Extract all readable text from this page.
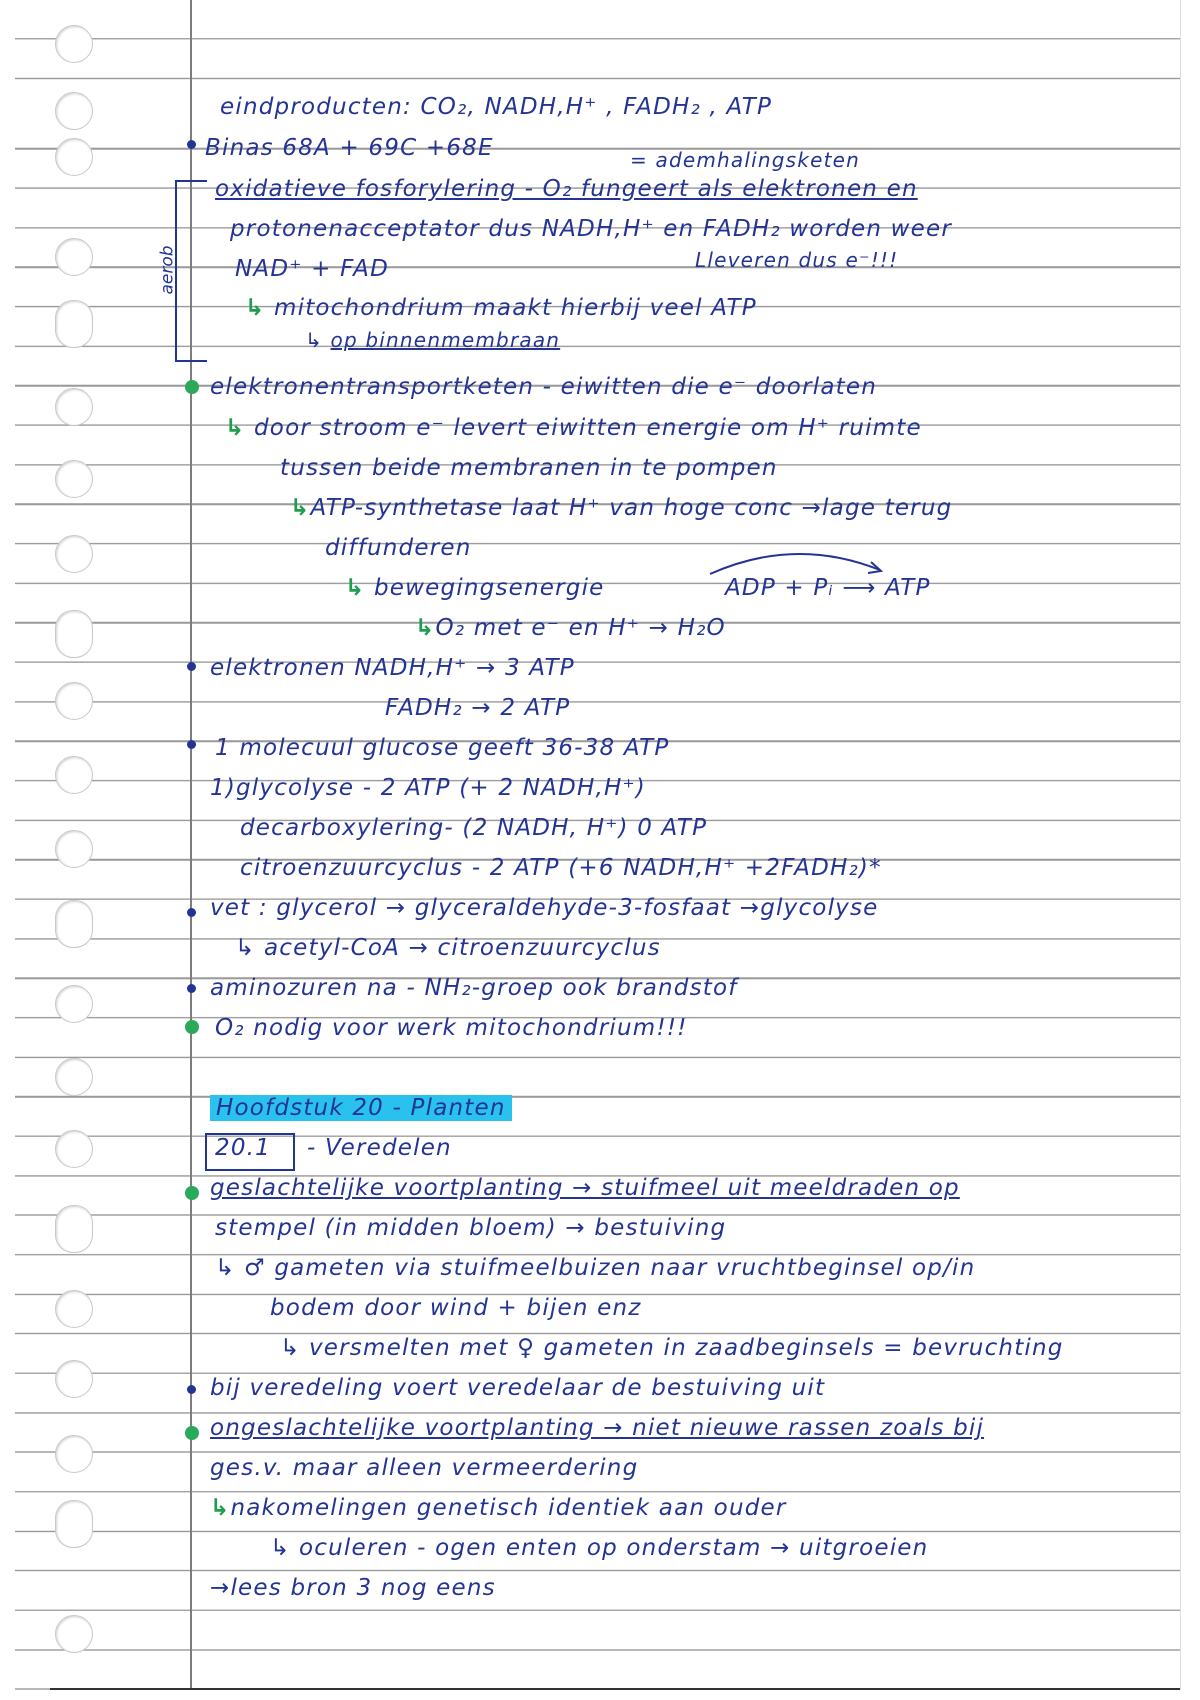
aerob
eindproducten: CO₂, NADH,H⁺ , FADH₂ , ATP
Binas 68A + 69C +68E	= ademhalingsketen
oxidatieve fosforylering - O₂ fungeert als elektronen en
protonenacceptator dus NADH,H⁺ en FADH₂ worden weer
NAD⁺ + FAD	Lleveren dus e⁻!!!
↳ mitochondrium maakt hierbij veel ATP
↳ op binnenmembraan
elektronentransportketen - eiwitten die e⁻ doorlaten
↳ door stroom e⁻ levert eiwitten energie om H⁺ ruimte
tussen beide membranen in te pompen
↳ATP-synthetase laat H⁺ van hoge conc →lage terug
diffunderen
↳ bewegingsenergie	ADP + Pᵢ ⟶ ATP
↳O₂ met e⁻ en H⁺ → H₂O
elektronen NADH,H⁺ → 3 ATP
FADH₂ → 2 ATP
1 molecuul glucose geeft 36-38 ATP
1)glycolyse - 2 ATP (+ 2 NADH,H⁺)
decarboxylering- (2 NADH, H⁺) 0 ATP
citroenzuurcyclus - 2 ATP (+6 NADH,H⁺ +2FADH₂)*
vet : glycerol → glyceraldehyde-3-fosfaat →glycolyse
↳ acetyl-CoA → citroenzuurcyclus
aminozuren na - NH₂-groep ook brandstof
O₂ nodig voor werk mitochondrium!!!
Hoofdstuk 20 - Planten
20.1 - Veredelen
geslachtelijke voortplanting → stuifmeel uit meeldraden op
stempel (in midden bloem) → bestuiving
↳ ♂ gameten via stuifmeelbuizen naar vruchtbeginsel op/in
bodem door wind + bijen enz
↳ versmelten met ♀ gameten in zaadbeginsels = bevruchting
bij veredeling voert veredelaar de bestuiving uit
ongeslachtelijke voortplanting → niet nieuwe rassen zoals bij
ges.v. maar alleen vermeerdering
↳nakomelingen genetisch identiek aan ouder
↳ oculeren - ogen enten op onderstam → uitgroeien
→lees bron 3 nog eens
